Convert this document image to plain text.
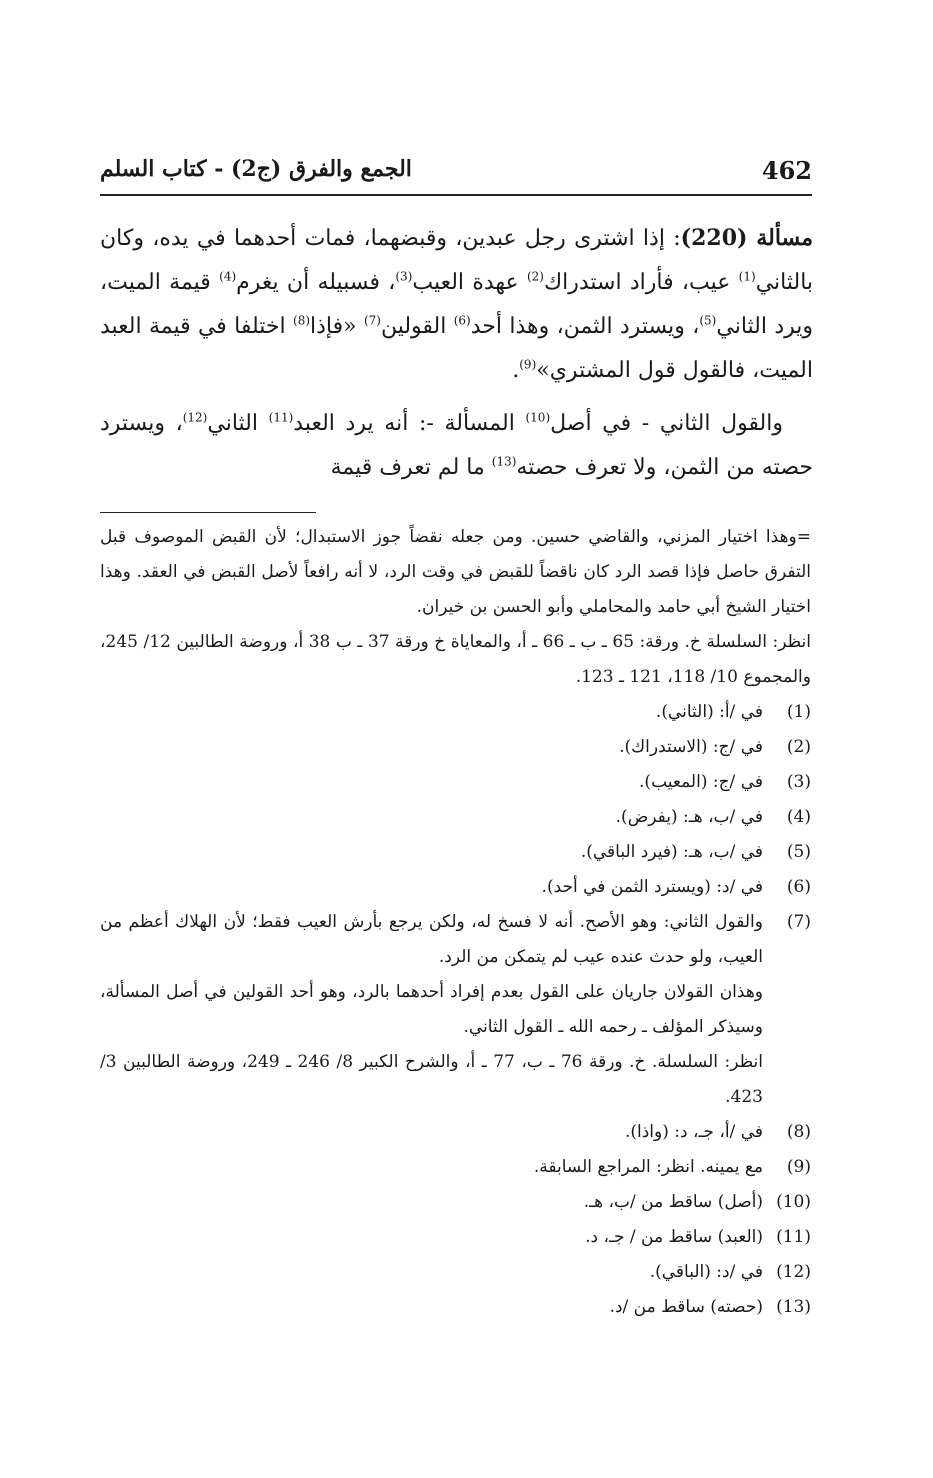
462
الجمع والفرق (ج2) - كتاب السلم

مسألة (220): إذا اشترى رجل عبدين، وقبضهما، فمات أحدهما في يده، وكان بالثاني$^{(1)}$ عيب، فأراد استدراك$^{(2)}$ عهدة العيب$^{(3)}$، فسبيله أن يغرم$^{(4)}$ قيمة الميت، ويرد الثاني$^{(5)}$، ويسترد الثمن، وهذا أحد$^{(6)}$ القولين$^{(7)}$ «فإذا$^{(8)}$ اختلفا في قيمة العبد الميت، فالقول قول المشتري»$^{(9)}$.

والقول الثاني - في أصل$^{(10)}$ المسألة -: أنه يرد العبد$^{(11)}$ الثاني$^{(12)}$، ويسترد حصته من الثمن، ولا تعرف حصته$^{(13)}$ ما لم تعرف قيمة

=وهذا اختيار المزني، والقاضي حسين. ومن جعله نقضاً جوز الاستبدال؛ لأن القبض الموصوف قبل التفرق حاصل فإذا قصد الرد كان ناقضاً للقبض في وقت الرد، لا أنه رافعاً لأصل القبض في العقد. وهذا اختيار الشيخ أبي حامد والمحاملي وأبو الحسن بن خيران.

انظر: السلسلة خ. ورقة: 65 ـ ب ـ 66 ـ أ، والمعاياة خ ورقة 37 ـ ب 38 أ، وروضة الطالبين 12/ 245، والمجموع 10/ 118، 121 ـ 123.

(1)
في /أ: (الثاني).
(2)
في /ج: (الاستدراك).
(3)
في /ج: (المعيب).
(4)
في /ب، هـ: (يفرض).
(5)
في /ب، هـ: (فيرد الباقي).
(6)
في /د: (ويسترد الثمن في أحد).
(7)
والقول الثاني: وهو الأصح. أنه لا فسخ له، ولكن يرجع بأرش العيب فقط؛ لأن الهلاك أعظم من العيب، ولو حدث عنده عيب لم يتمكن من الرد.

وهذان القولان جاريان على القول بعدم إفراد أحدهما بالرد، وهو أحد القولين في أصل المسألة، وسيذكر المؤلف ـ رحمه الله ـ القول الثاني.

انظر: السلسلة. خ. ورقة 76 ـ ب، 77 ـ أ، والشرح الكبير 8/ 246 ـ 249، وروضة الطالبين 3/ 423.

(8)
في /أ، جـ، د: (واذا).
(9)
مع يمينه. انظر: المراجع السابقة.
(10)
(أصل) ساقط من /ب، هـ.
(11)
(العبد) ساقط من / جـ، د.
(12)
في /د: (الباقي).
(13)
(حصته) ساقط من /د.
